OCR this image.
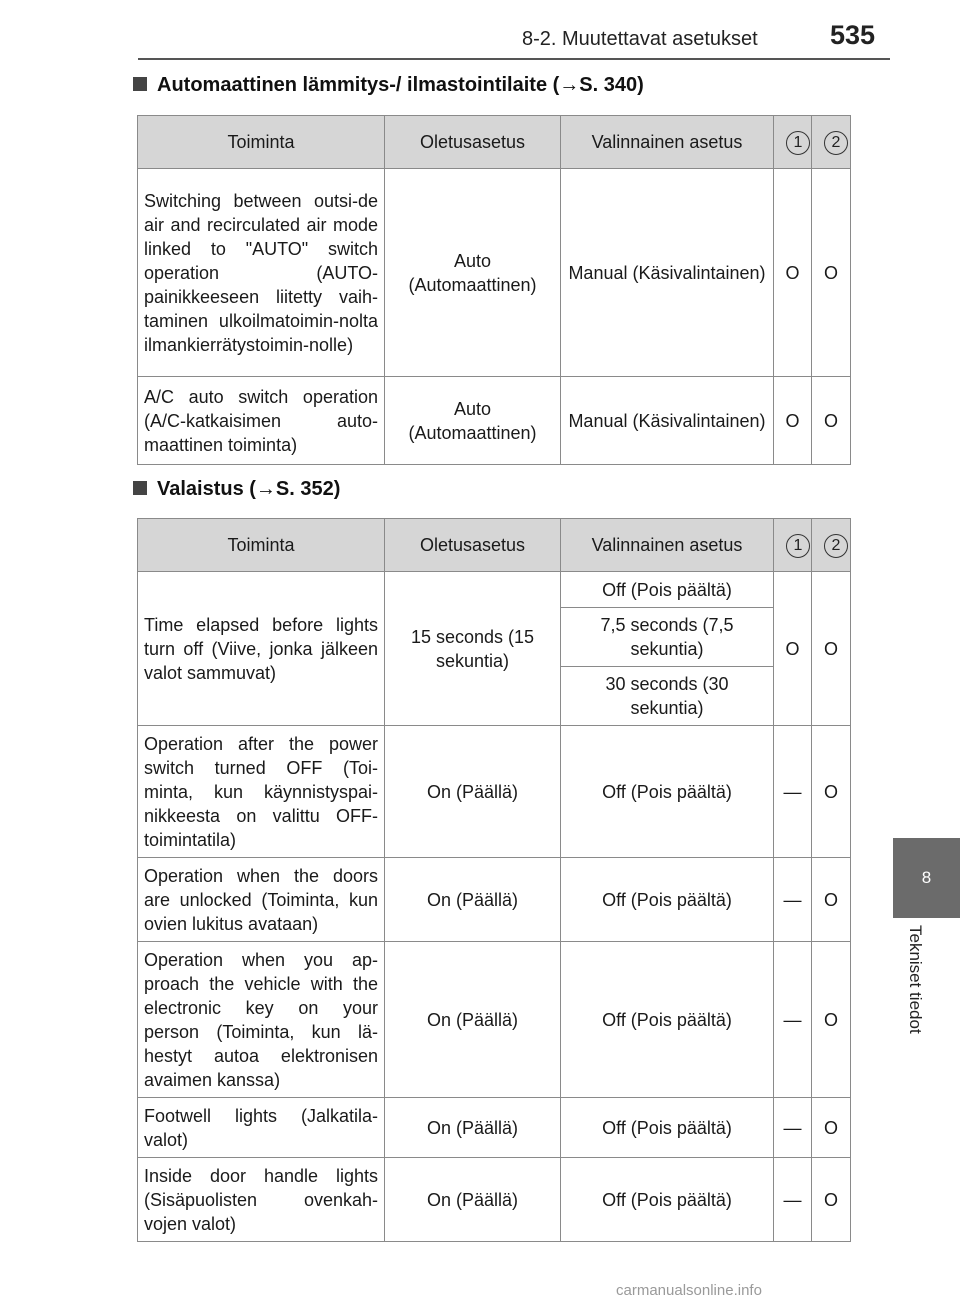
8-2. Muutettavat asetukset	535
8
Tekniset tiedot
Automaattinen lämmitys-/ ilmastointilaite (→S. 340)
Toiminta	Oletusasetus	Valinnainen asetus	1	2
Switching between outsi-de air and recirculated air mode linked to "AUTO" switch operation (AUTO-painikkeeseen liitetty vaih-taminen ulkoilmatoimin-nolta ilmankierrätystoimin-nolle)	Auto (Automaattinen)	Manual (Käsivalintainen)	O	O
A/C auto switch operation (A/C-katkaisimen auto-maattinen toiminta)	Auto (Automaattinen)	Manual (Käsivalintainen)	O	O
Valaistus (→S. 352)
Toiminta	Oletusasetus	Valinnainen asetus	1	2
Time elapsed before lights turn off (Viive, jonka jälkeen valot sammuvat)	15 seconds (15 sekuntia)	Off (Pois päältä)	O	O
		7,5 seconds (7,5 sekuntia)		
		30 seconds (30 sekuntia)		
Operation after the power switch turned OFF (Toi-minta, kun käynnistyspai-nikkeesta on valittu OFF-toimintatila)	On (Päällä)	Off (Pois päältä)	—	O
Operation when the doors are unlocked (Toiminta, kun ovien lukitus avataan)	On (Päällä)	Off (Pois päältä)	—	O
Operation when you ap-proach the vehicle with the electronic key on your person (Toiminta, kun lä-hestyt autoa elektronisen avaimen kanssa)	On (Päällä)	Off (Pois päältä)	—	O
Footwell lights (Jalkatila-valot)	On (Päällä)	Off (Pois päältä)	—	O
Inside door handle lights (Sisäpuolisten ovenkah-vojen valot)	On (Päällä)	Off (Pois päältä)	—	O
carmanualsonline.info
